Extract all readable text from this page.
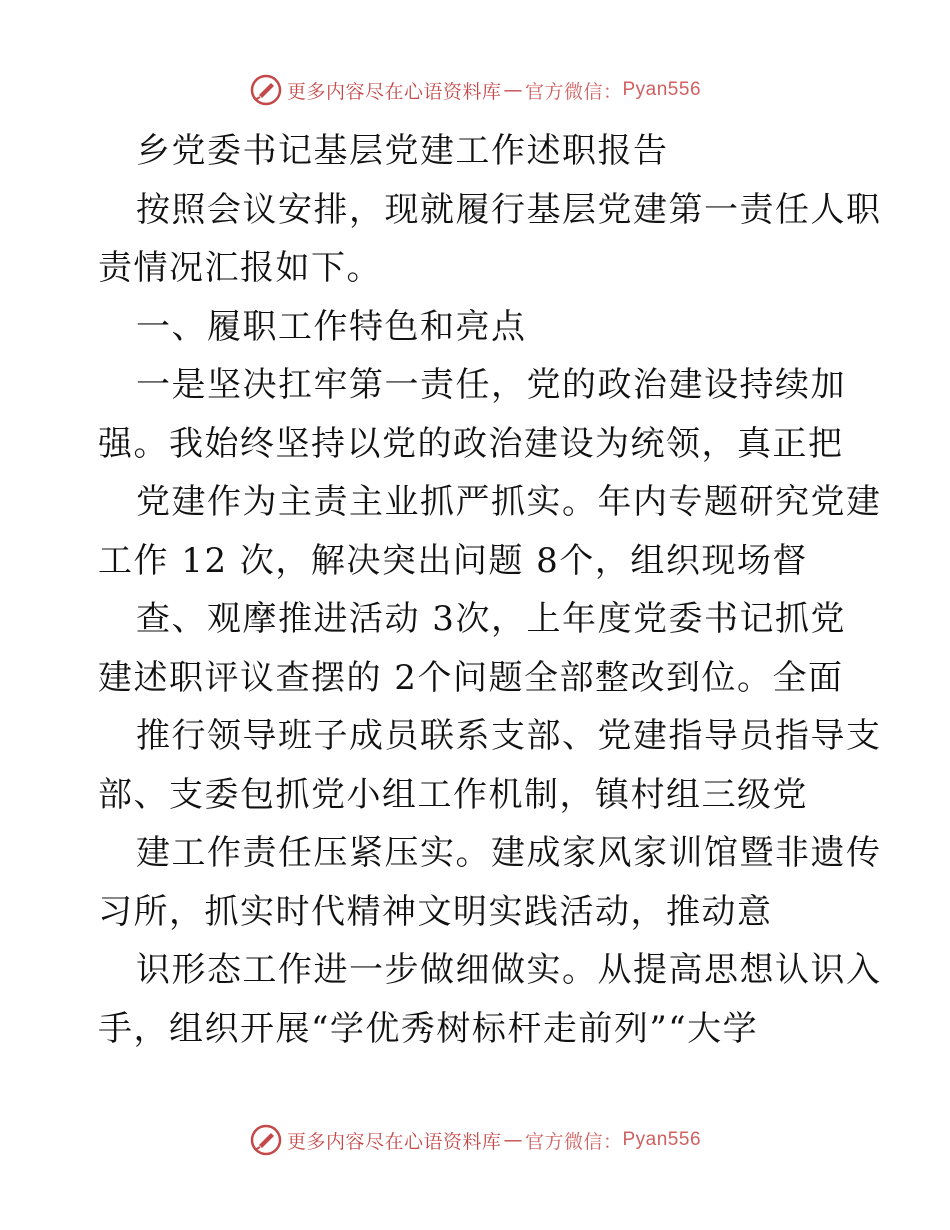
更多内容尽在心语资料库 — 官方微信： Pyan556
乡党委书记基层党建工作述职报告
按照会议安排，现就履行基层党建第一责任人职
责情况汇报如下。
一、履职工作特色和亮点
一是坚决扛牢第一责任，党的政治建设持续加
强。我始终坚持以党的政治建设为统领，真正把
党建作为主责主业抓严抓实。年内专题研究党建
工作 12 次，解决突出问题 8个，组织现场督
查、观摩推进活动 3次，上年度党委书记抓党
建述职评议查摆的 2个问题全部整改到位。全面
推行领导班子成员联系支部、党建指导员指导支
部、支委包抓党小组工作机制，镇村组三级党
建工作责任压紧压实。建成家风家训馆暨非遗传
习所，抓实时代精神文明实践活动，推动意
识形态工作进一步做细做实。从提高思想认识入
手，组织开展“学优秀树标杆走前列”“大学
更多内容尽在心语资料库 — 官方微信： Pyan556
